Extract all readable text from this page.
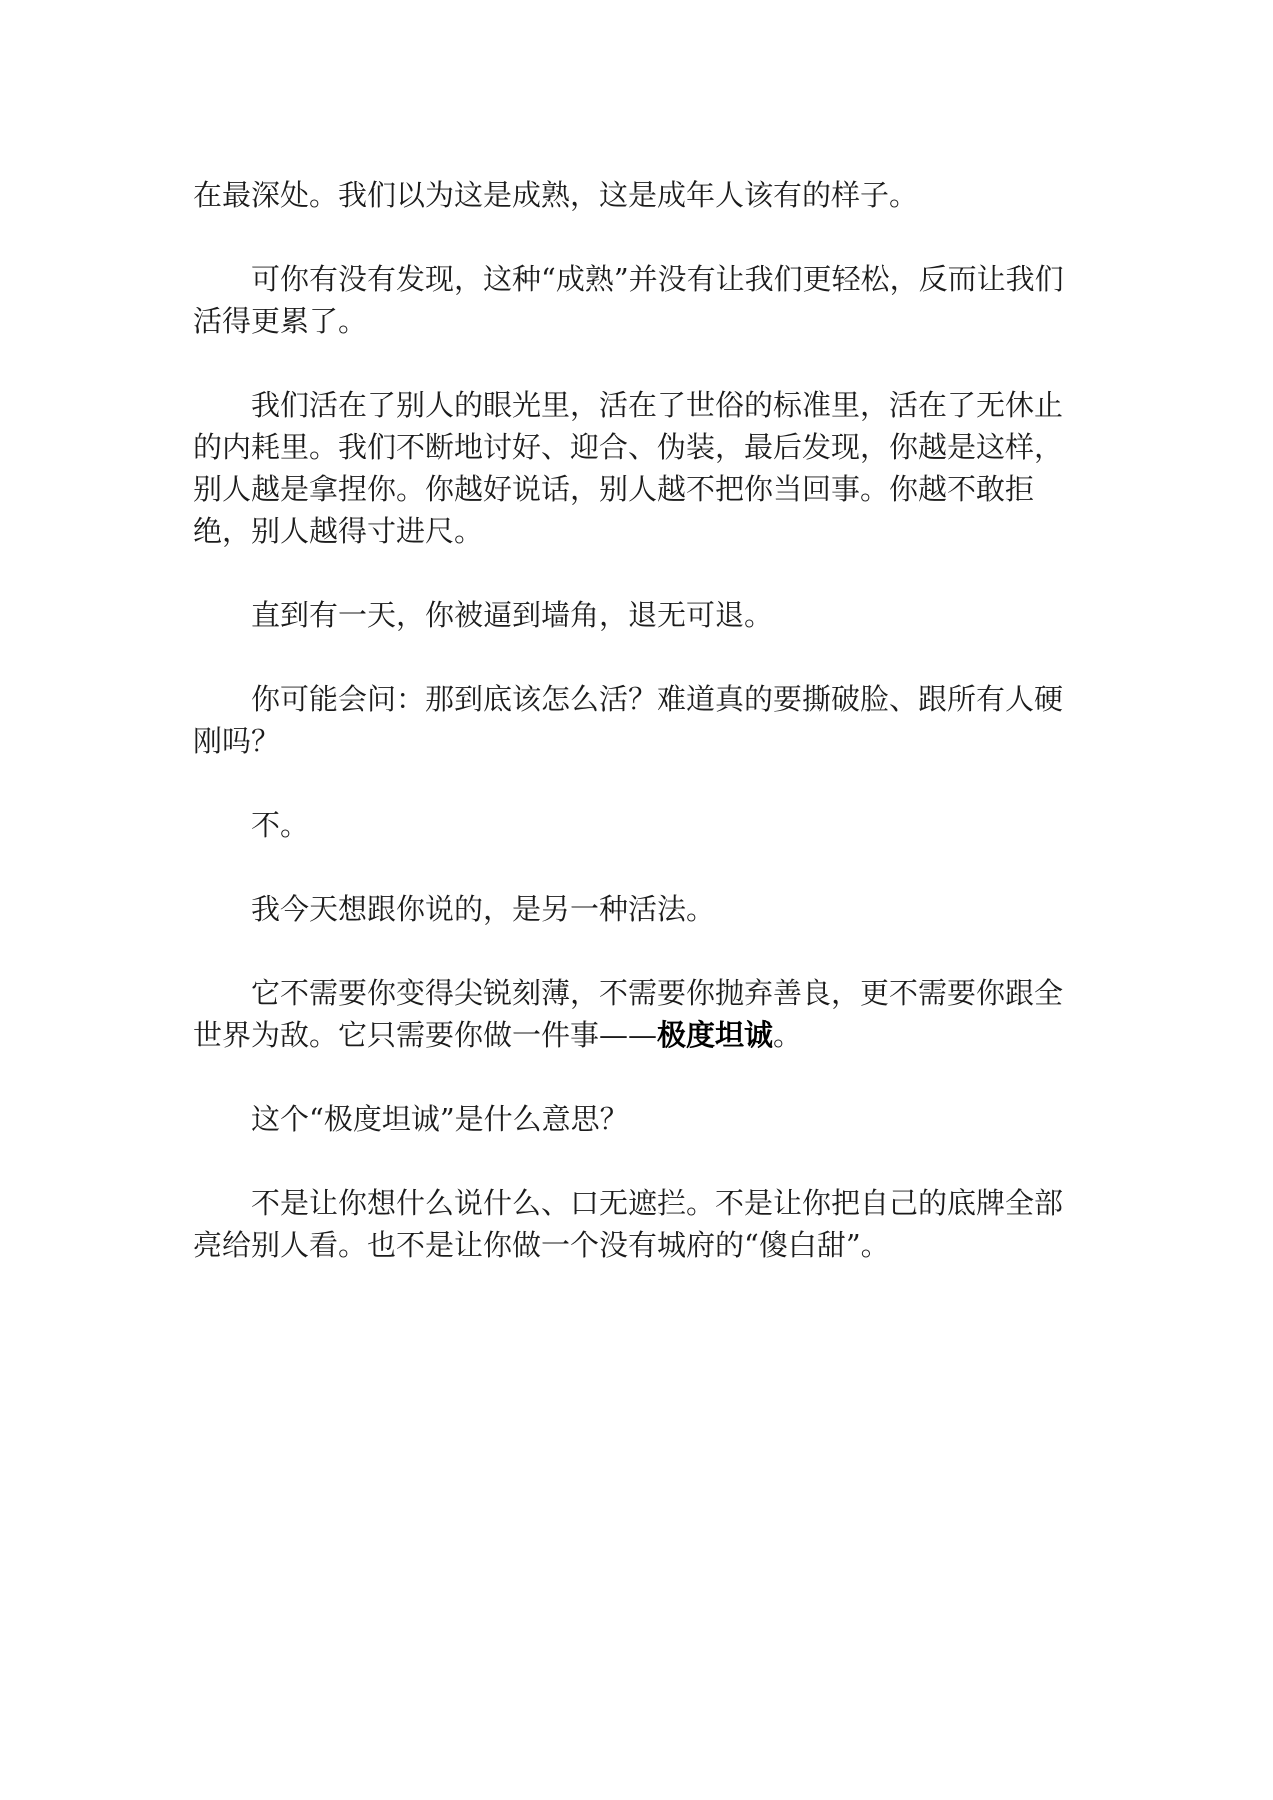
在最深处。我们以为这是成熟，这是成年人该有的样子。

可你有没有发现，这种“成熟”并没有让我们更轻松，反而让我们活得更累了。

我们活在了别人的眼光里，活在了世俗的标准里，活在了无休止的内耗里。我们不断地讨好、迎合、伪装，最后发现，你越是这样，别人越是拿捏你。你越好说话，别人越不把你当回事。你越不敢拒绝，别人越得寸进尺。

直到有一天，你被逼到墙角，退无可退。

你可能会问：那到底该怎么活？难道真的要撕破脸、跟所有人硬刚吗？

不。

我今天想跟你说的，是另一种活法。

它不需要你变得尖锐刻薄，不需要你抛弃善良，更不需要你跟全世界为敌。它只需要你做一件事——极度坦诚。

这个“极度坦诚”是什么意思？

不是让你想什么说什么、口无遮拦。不是让你把自己的底牌全部亮给别人看。也不是让你做一个没有城府的“傻白甜”。
